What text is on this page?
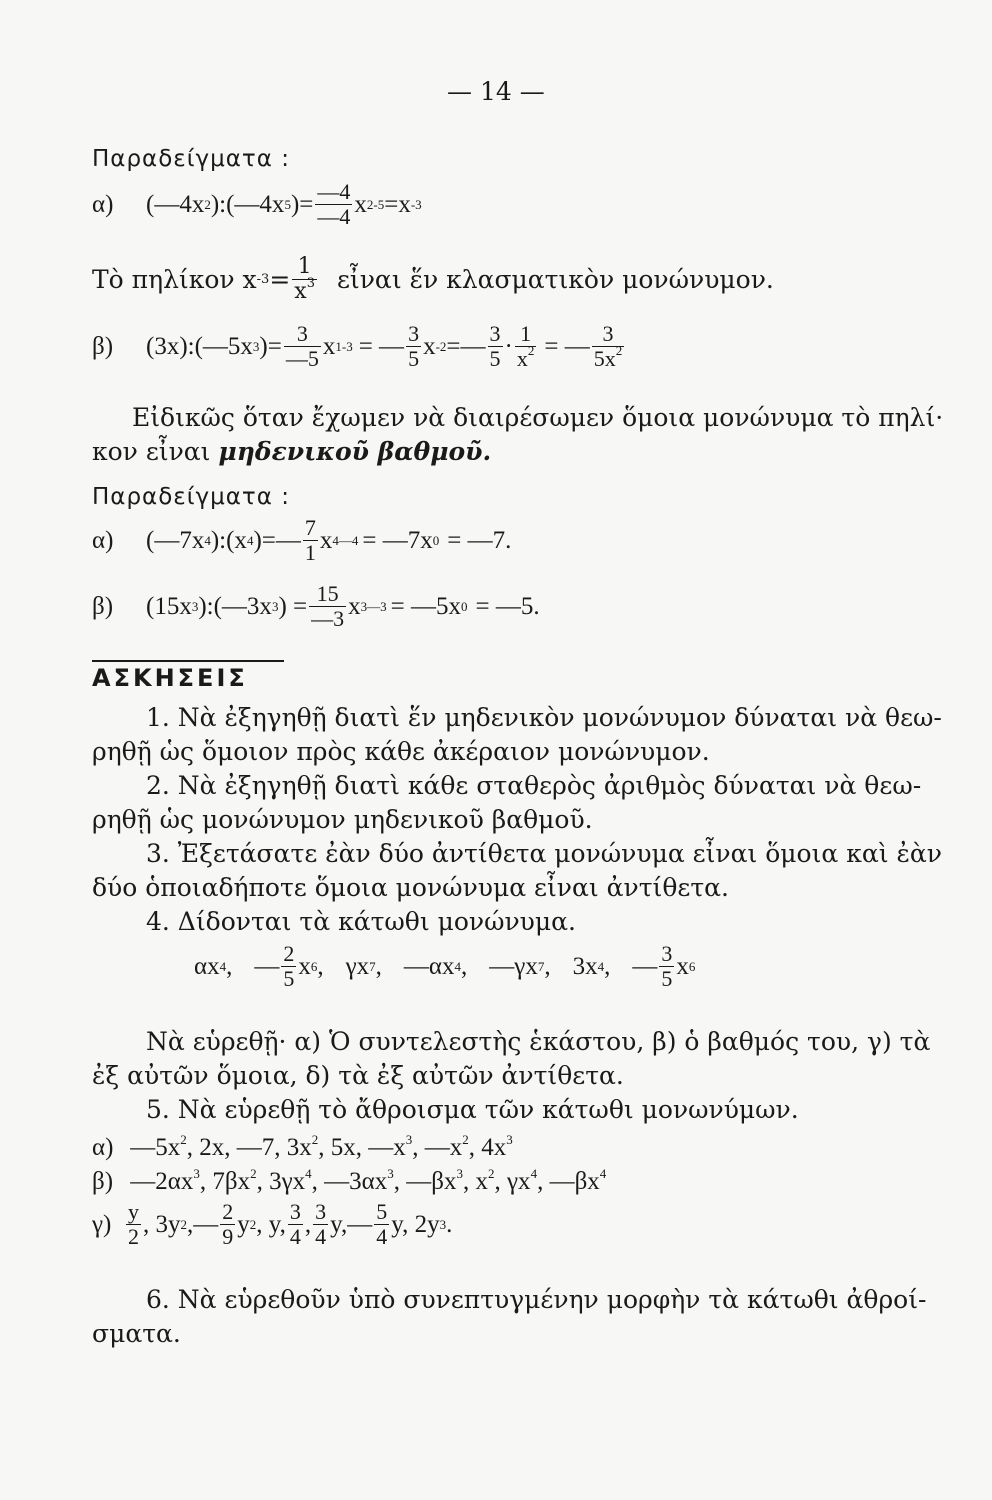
— 14 —
Παραδείγματα :
α)	(—4x 2 ):(—4x 5 )= $\frac{—4}{—4}$ x 2-5 =x -3
Τὸ πηλίκον x $-3 = \frac{1}{x^3}$ εἶναι ἕν κλασματικὸν μονώνυμον.
β)	(3x):(—5x 3 )= $\frac{3}{—5}$ x 1-3 = — $\frac{3}{5}$ x -2 =— $\frac{3}{5} \cdot \frac{1}{x^2}$ = — $\frac{3}{5x^2}$
Εἰδικῶς ὅταν ἔχωμεν νὰ διαιρέσωμεν ὅμοια μονώνυμα τὸ πηλί·
κον εἶναι μηδενικοῦ βαθμοῦ.
Παραδείγματα :
α)	(—7x 4 ):(x 4 )=— $\frac{7}{1}$ x 4—4 = —7x 0 = —7.
β)	(15x 3 ):(—3x 3 ) = $\frac{15}{—3}$ x 3—3 = —5x 0 = —5.
ΑΣΚΗΣΕΙΣ
1. Νὰ ἐξηγηθῇ διατὶ ἕν μηδενικὸν μονώνυμον δύναται νὰ θεω-
ρηθῇ ὡς ὅμοιον πρὸς κάθε ἀκέραιον μονώνυμον.
2. Νὰ ἐξηγηθῇ διατὶ κάθε σταθερὸς ἀριθμὸς δύναται νὰ θεω-
ρηθῇ ὡς μονώνυμον μηδενικοῦ βαθμοῦ.
3. Ἐξετάσατε ἐὰν δύο ἀντίθετα μονώνυμα εἶναι ὅμοια καὶ ἐὰν
δύο ὁποιαδήποτε ὅμοια μονώνυμα εἶναι ἀντίθετα.
4. Δίδονται τὰ κάτωθι μονώνυμα.
αx 4 , — $\frac{2}{5}$ x 6 , γx 7 , —αx 4 , —γx 7 , 3x 4 , — $\frac{3}{5}$ x 6
Νὰ εὑρεθῇ· α) Ὁ συντελεστὴς ἑκάστου, β) ὁ βαθμός του, γ) τὰ
ἐξ αὐτῶν ὅμοια, δ) τὰ ἐξ αὐτῶν ἀντίθετα.
5. Νὰ εὑρεθῇ τὸ ἄθροισμα τῶν κάτωθι μονωνύμων.
α) $—5x^2$, 2x, —7, $3x^2$, 5x, $—x^3$, $—x^2$, $4x^3$
β) $—2\alpha x^3$, $7\beta x^2$, $3\gamma x^4$, $—3\alpha x^3$, $—\beta x^3$, $x^2$, $\gamma x^4$, $—\beta x^4$
$\gamma) \frac{y}{2}$ , 3y 2 ,— $\frac{2}{9}$ y 2 , y, $\frac{3}{4}$ , $\frac{3}{4}$ y,— $\frac{5}{4} y$, 2y 3 .
6. Νὰ εὑρεθοῦν ὑπὸ συνεπτυγμένην μορφὴν τὰ κάτωθι ἀθροί-
σματα.
